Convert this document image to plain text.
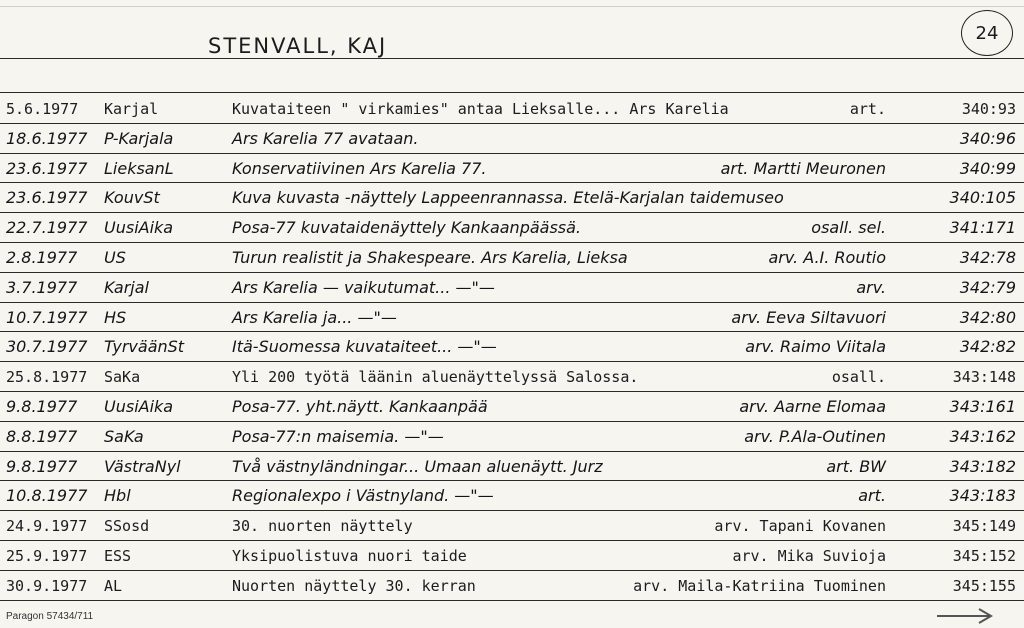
STENVALL, KAJ
24
5.6.1977 Karjal	Kuvataiteen " virkamies" antaa Lieksalle... Ars Karelia	art.	340:93
18.6.1977 P-Karjala	Ars Karelia 77 avataan.	340:96
23.6.1977 LieksanL	Konservatiivinen Ars Karelia 77.	art. Martti Meuronen	340:99
23.6.1977 KouvSt	Kuva kuvasta -näyttely Lappeenrannassa. Etelä-Karjalan taidemuseo	340:105
22.7.1977 UusiAika	Posa-77 kuvataidenäyttely Kankaanpäässä.	osall. sel.	341:171
2.8.1977 US	Turun realistit ja Shakespeare. Ars Karelia, Lieksa	arv. A.I. Routio	342:78
3.7.1977 Karjal	Ars Karelia — vaikutumat... —"—	arv.	342:79
10.7.1977 HS	Ars Karelia ja... —"—	arv. Eeva Siltavuori	342:80
30.7.1977 TyrväänSt	Itä-Suomessa kuvataiteet... —"—	arv. Raimo Viitala	342:82
25.8.1977 SaKa	Yli 200 työtä läänin aluenäyttelyssä Salossa.	osall.	343:148
9.8.1977 UusiAika	Posa-77. yht.näytt. Kankaanpää	arv. Aarne Elomaa	343:161
8.8.1977 SaKa	Posa-77:n maisemia. —"—	arv. P.Ala-Outinen	343:162
9.8.1977 VästraNyl	Två västnyländningar... Umaan aluenäytt. Jurz	art. BW	343:182
10.8.1977 Hbl	Regionalexpo i Västnyland. —"—	art.	343:183
24.9.1977 SSosd	30. nuorten näyttely	arv. Tapani Kovanen	345:149
25.9.1977 ESS	Yksipuolistuva nuori taide	arv. Mika Suvioja	345:152
30.9.1977 AL	Nuorten näyttely 30. kerran	arv. Maila-Katriina Tuominen	345:155
Paragon 57434/711
